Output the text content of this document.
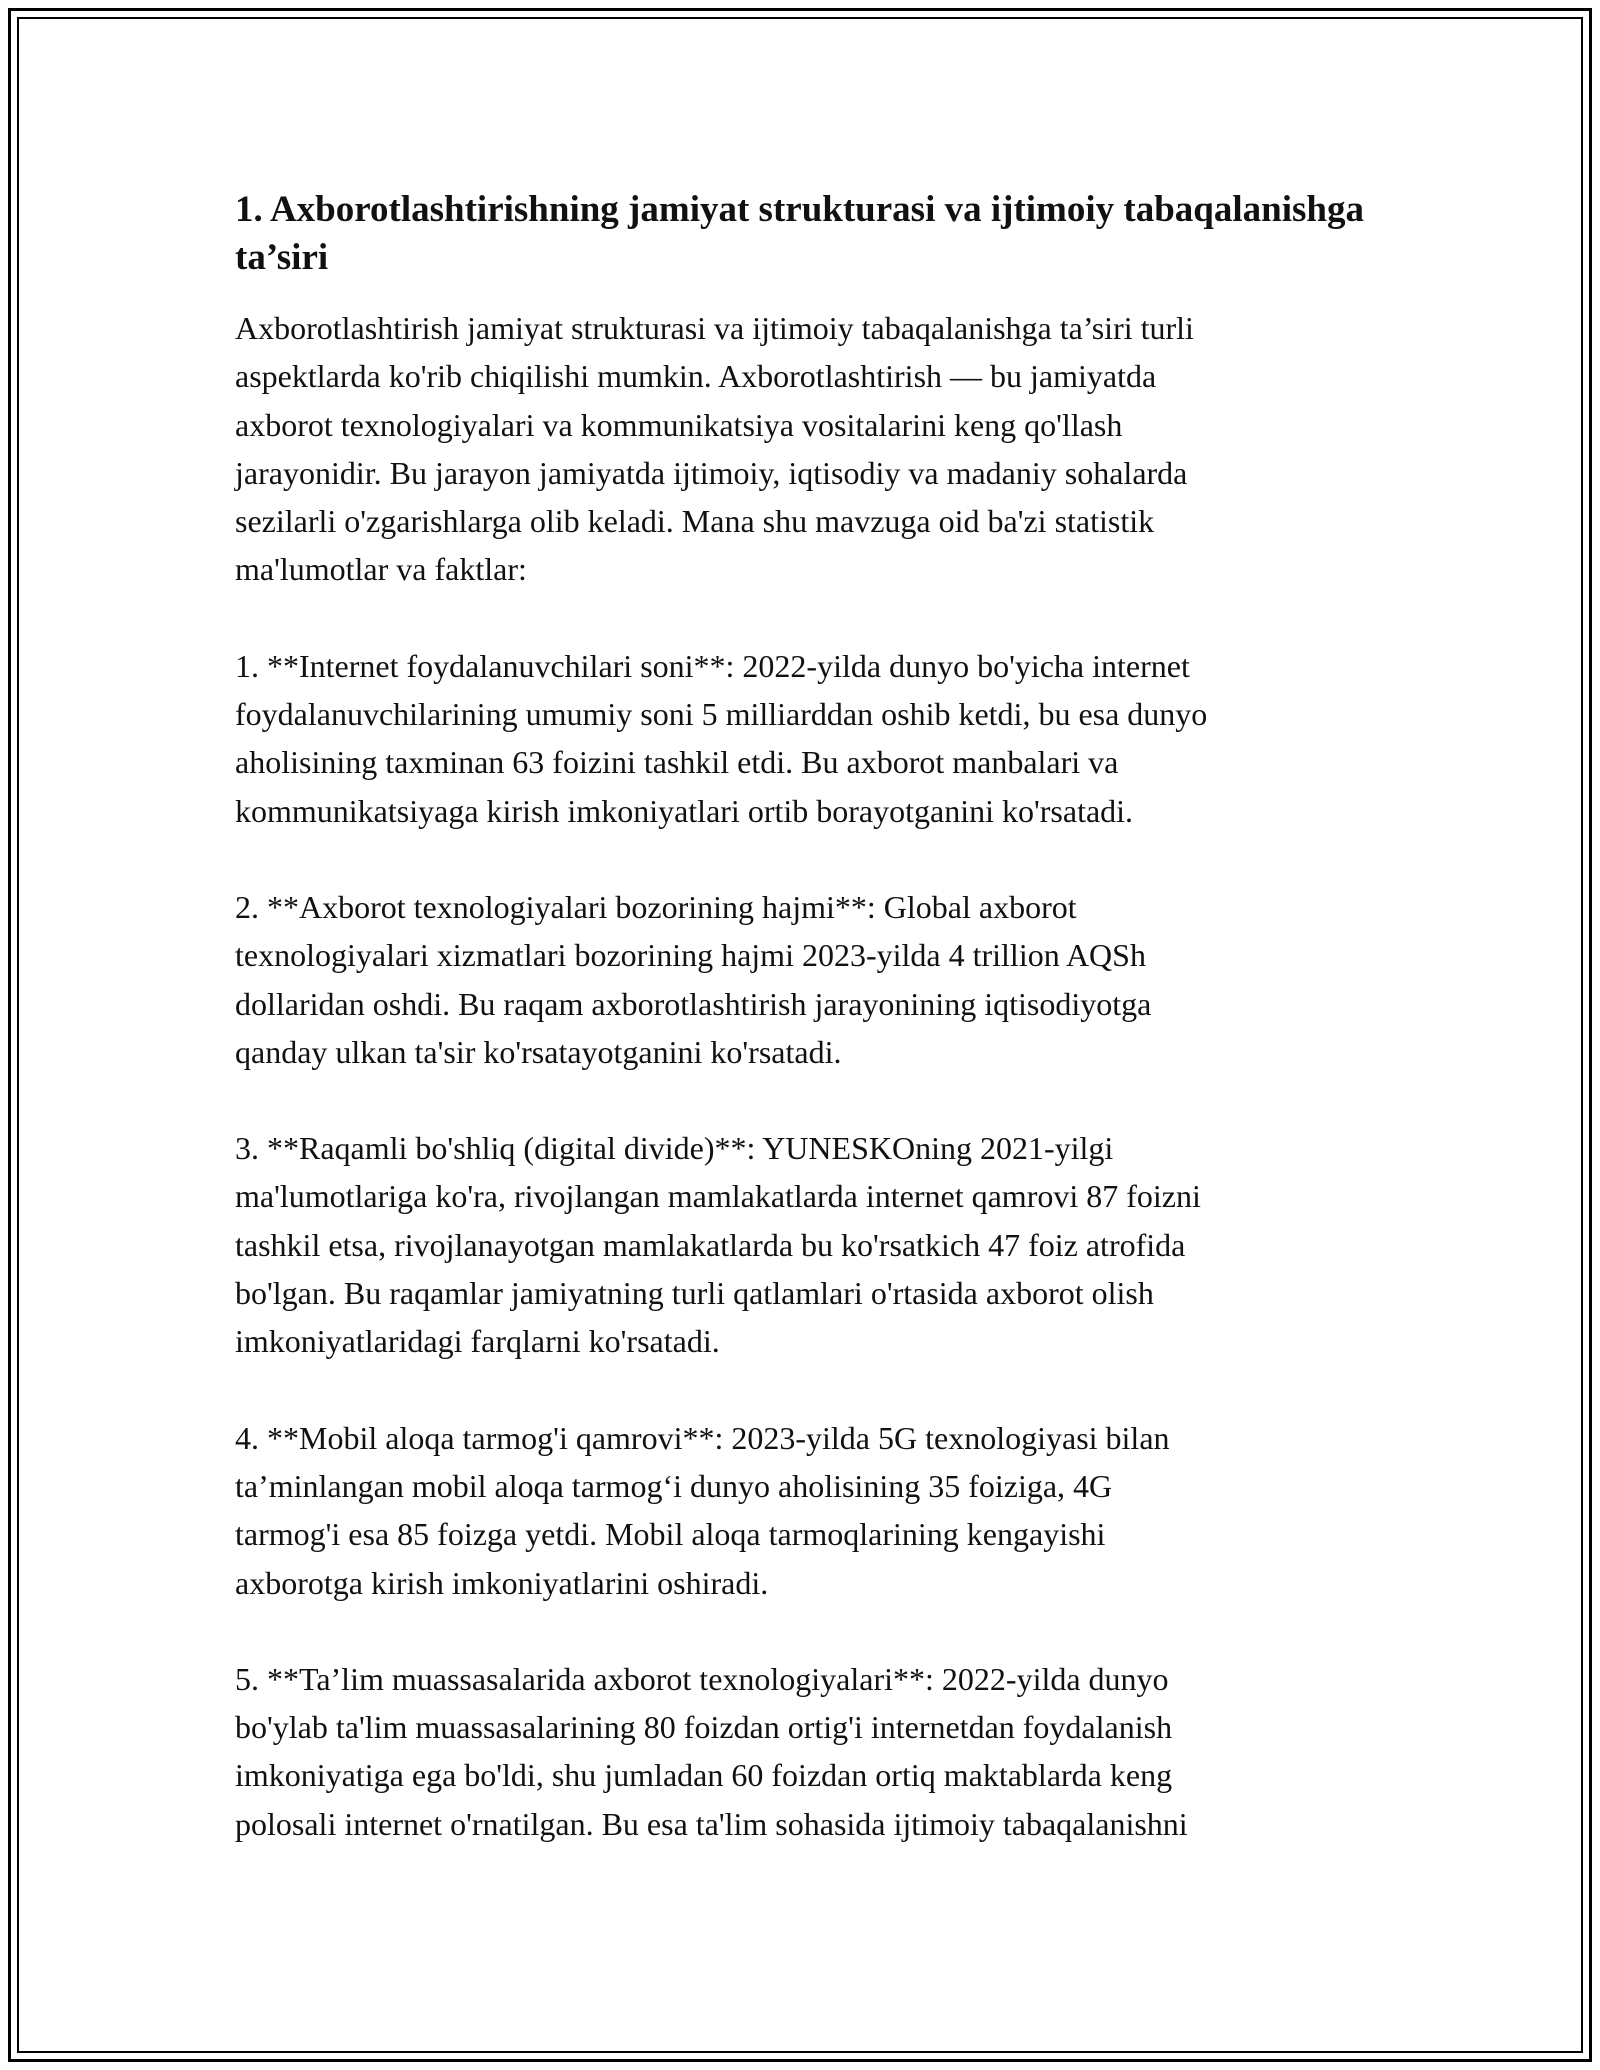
1. Axborotlashtirishning jamiyat strukturasi va ijtimoiy tabaqalanishga ta’siri
Axborotlashtirish jamiyat strukturasi va ijtimoiy tabaqalanishga ta’siri turli
aspektlarda ko'rib chiqilishi mumkin. Axborotlashtirish — bu jamiyatda
axborot texnologiyalari va kommunikatsiya vositalarini keng qo'llash
jarayonidir. Bu jarayon jamiyatda ijtimoiy, iqtisodiy va madaniy sohalarda
sezilarli o'zgarishlarga olib keladi. Mana shu mavzuga oid ba'zi statistik
ma'lumotlar va faktlar:
1. **Internet foydalanuvchilari soni**: 2022-yilda dunyo bo'yicha internet
foydalanuvchilarining umumiy soni 5 milliarddan oshib ketdi, bu esa dunyo
aholisining taxminan 63 foizini tashkil etdi. Bu axborot manbalari va
kommunikatsiyaga kirish imkoniyatlari ortib borayotganini ko'rsatadi.
2. **Axborot texnologiyalari bozorining hajmi**: Global axborot
texnologiyalari xizmatlari bozorining hajmi 2023-yilda 4 trillion AQSh
dollaridan oshdi. Bu raqam axborotlashtirish jarayonining iqtisodiyotga
qanday ulkan ta'sir ko'rsatayotganini ko'rsatadi.
3. **Raqamli bo'shliq (digital divide)**: YUNESKOning 2021-yilgi
ma'lumotlariga ko'ra, rivojlangan mamlakatlarda internet qamrovi 87 foizni
tashkil etsa, rivojlanayotgan mamlakatlarda bu ko'rsatkich 47 foiz atrofida
bo'lgan. Bu raqamlar jamiyatning turli qatlamlari o'rtasida axborot olish
imkoniyatlaridagi farqlarni ko'rsatadi.
4. **Mobil aloqa tarmog'i qamrovi**: 2023-yilda 5G texnologiyasi bilan
ta’minlangan mobil aloqa tarmog‘i dunyo aholisining 35 foiziga, 4G
tarmog'i esa 85 foizga yetdi. Mobil aloqa tarmoqlarining kengayishi
axborotga kirish imkoniyatlarini oshiradi.
5. **Ta’lim muassasalarida axborot texnologiyalari**: 2022-yilda dunyo
bo'ylab ta'lim muassasalarining 80 foizdan ortig'i internetdan foydalanish
imkoniyatiga ega bo'ldi, shu jumladan 60 foizdan ortiq maktablarda keng
polosali internet o'rnatilgan. Bu esa ta'lim sohasida ijtimoiy tabaqalanishni
